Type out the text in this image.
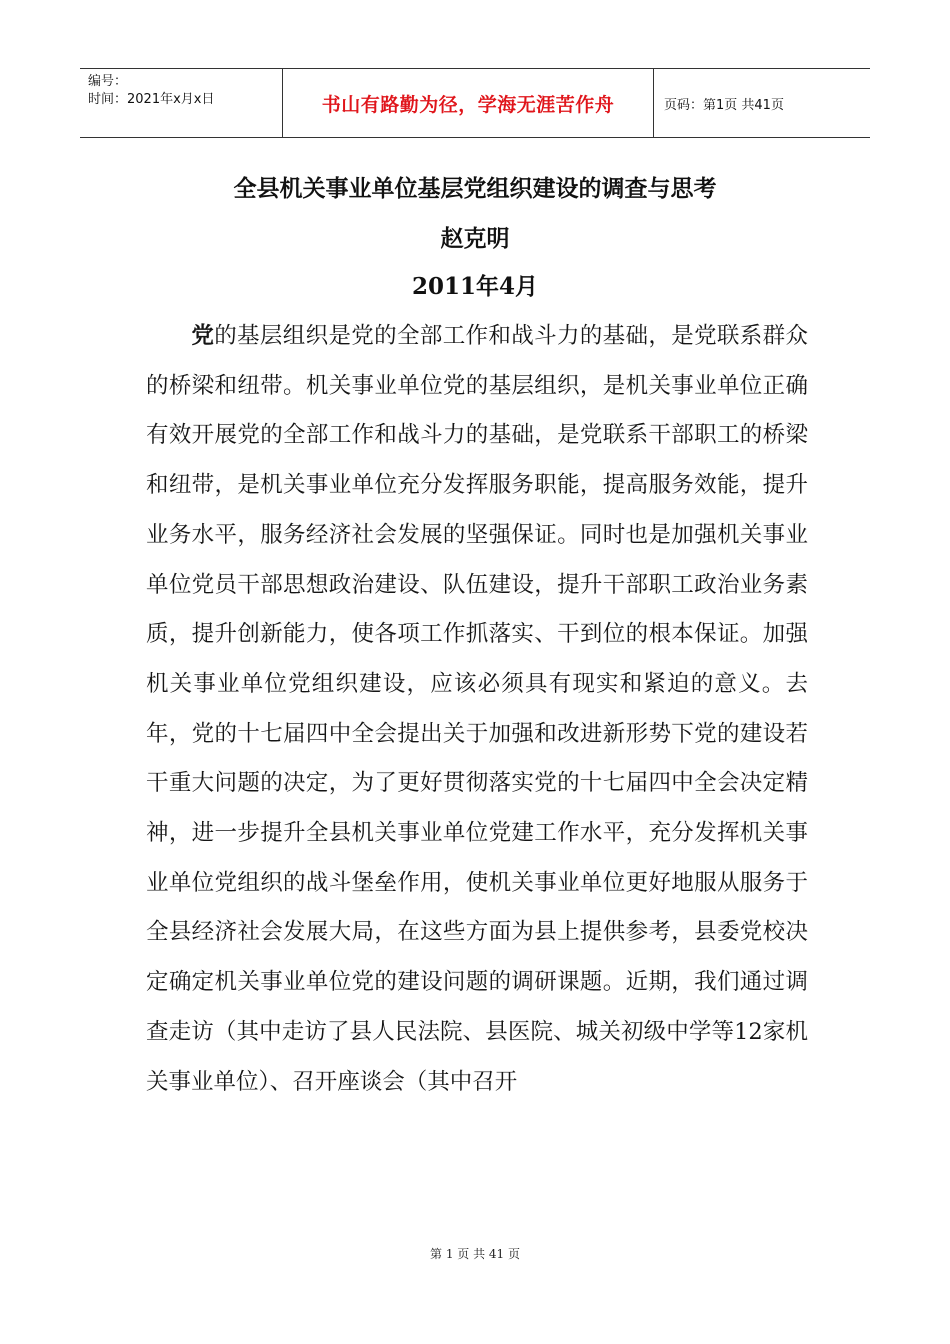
编号：
时间：2021年x月x日	书山有路勤为径，学海无涯苦作舟	页码：第1页 共41页
全县机关事业单位基层党组织建设的调查与思考
赵克明
2011年4月
  党的基层组织是党的全部工作和战斗力的基础，是党联系群众的桥梁和纽带。机关事业单位党的基层组织，是机关事业单位正确有效开展党的全部工作和战斗力的基础，是党联系干部职工的桥梁和纽带，是机关事业单位充分发挥服务职能，提高服务效能，提升业务水平，服务经济社会发展的坚强保证。同时也是加强机关事业单位党员干部思想政治建设、队伍建设，提升干部职工政治业务素质，提升创新能力，使各项工作抓落实、干到位的根本保证。加强机关事业单位党组织建设，应该必须具有现实和紧迫的意义。去年，党的十七届四中全会提出关于加强和改进新形势下党的建设若干重大问题的决定，为了更好贯彻落实党的十七届四中全会决定精神，进一步提升全县机关事业单位党建工作水平，充分发挥机关事业单位党组织的战斗堡垒作用，使机关事业单位更好地服从服务于全县经济社会发展大局，在这些方面为县上提供参考，县委党校决定确定机关事业单位党的建设问题的调研课题。近期，我们通过调查走访（其中走访了县人民法院、县医院、城关初级中学等12家机关事业单位）、召开座谈会（其中召开
第 1 页 共 41 页
